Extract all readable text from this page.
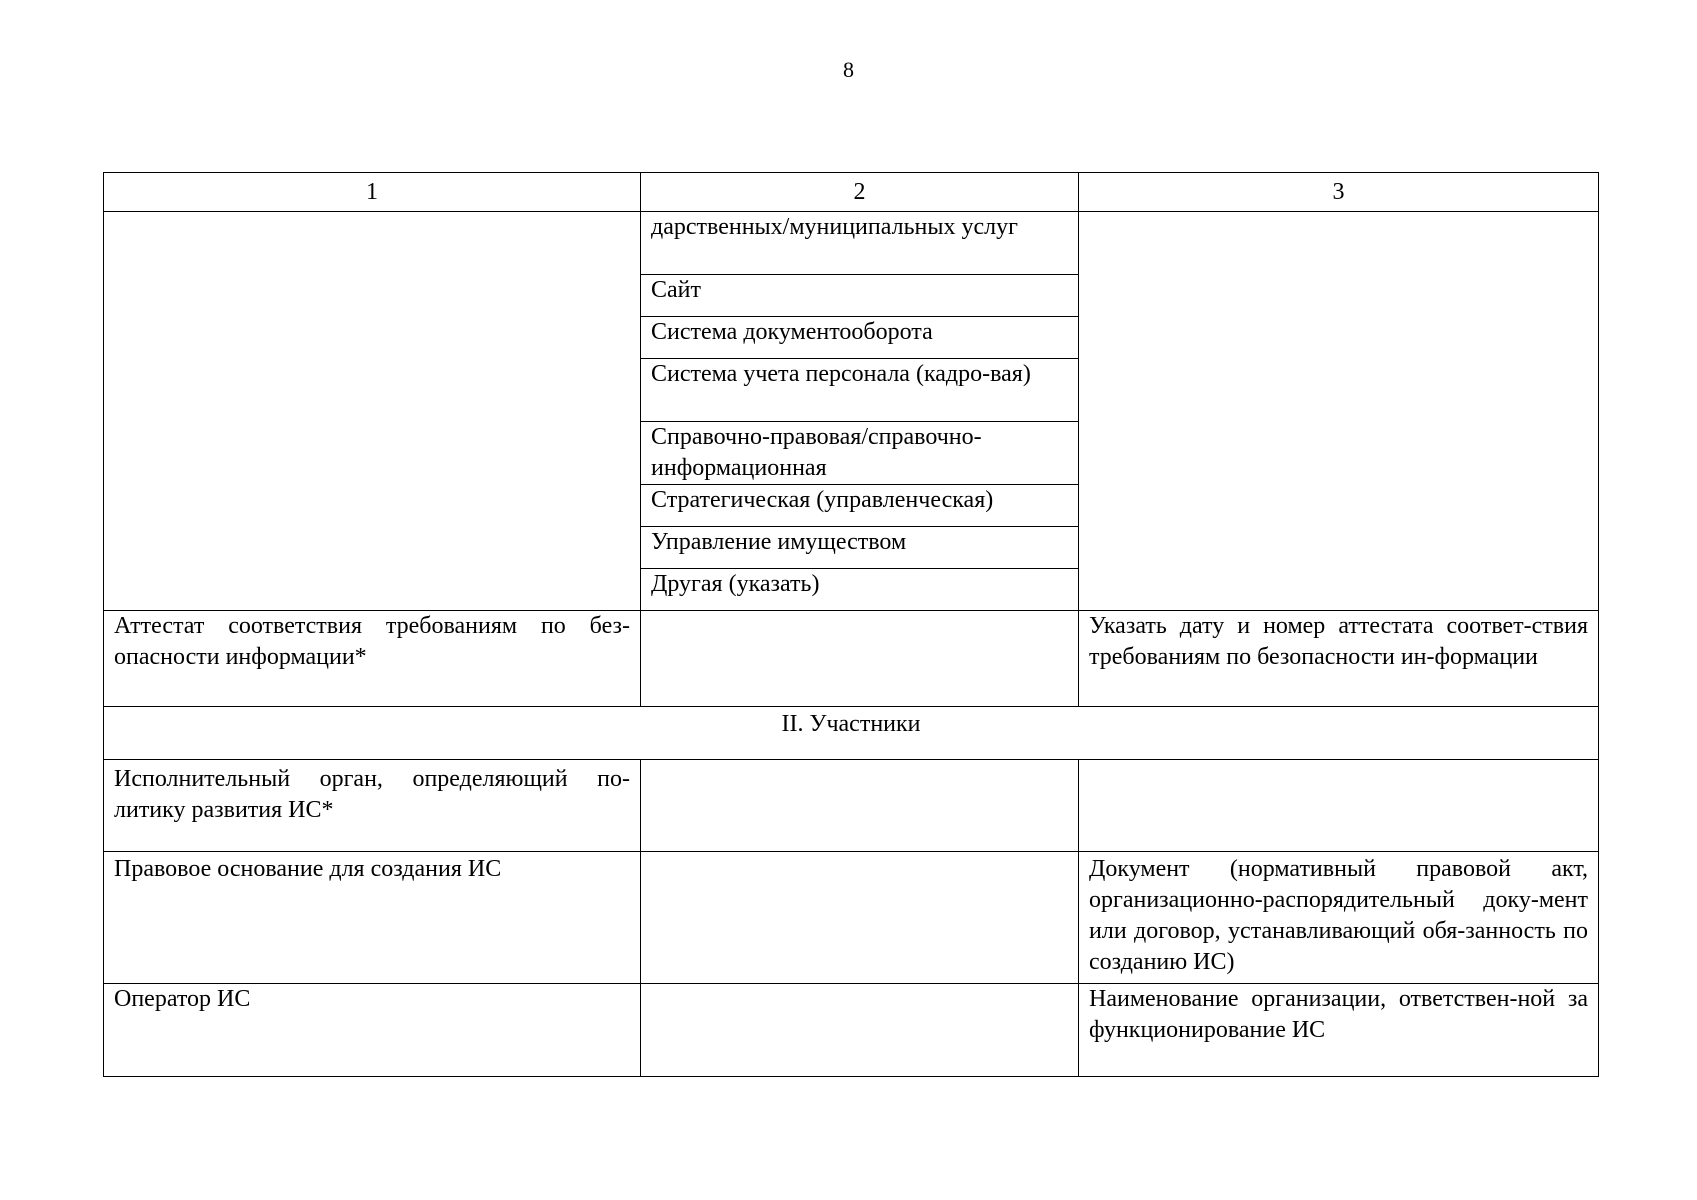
8
1	2	3

дарственных/муниципальных услуг
Сайт
Система документооборота
Система учета персонала (кадро-вая)
Справочно-правовая/справочно-информационная
Стратегическая (управленческая)
Управление имуществом
Другая (указать)

Аттестат соответствия требованиям по без-опасности информации*		Указать дату и номер аттестата соответ-ствия требованиям по безопасности ин-формации
II. Участники
Исполнительный орган, определяющий по-литику развития ИС*		
Правовое основание для создания ИС		Документ (нормативный правовой акт, организационно-распорядительный доку-мент или договор, устанавливающий обя-занность по созданию ИС)
Оператор ИС		Наименование организации, ответствен-ной за функционирование ИС
